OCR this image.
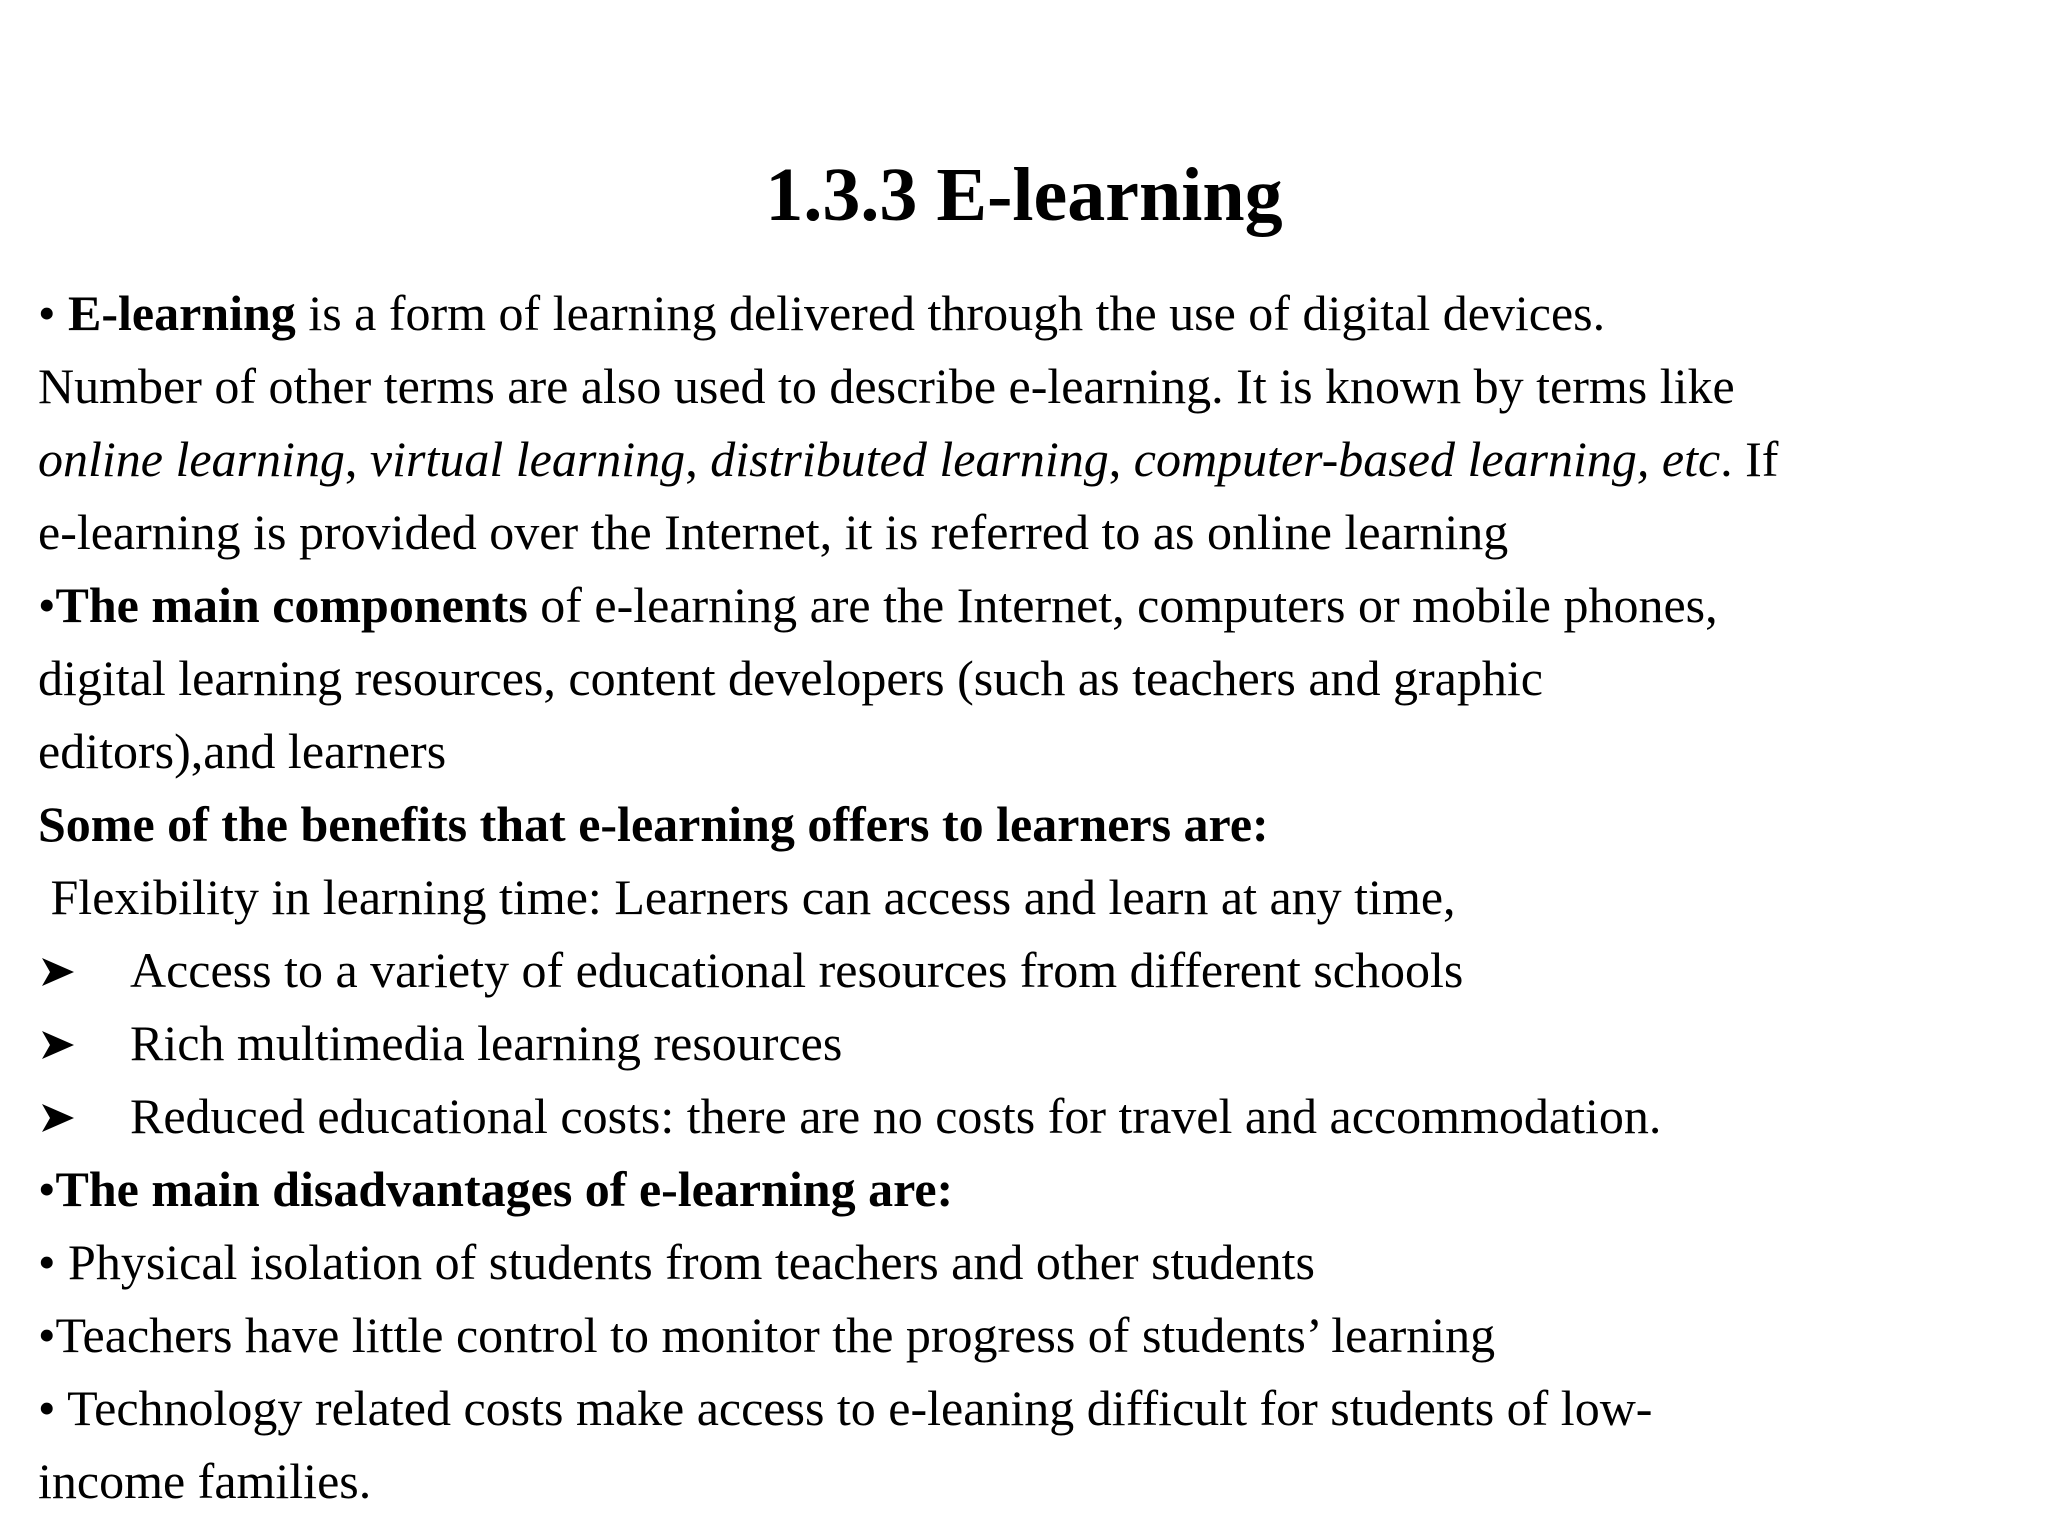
1.3.3 E-learning
• E-learning is a form of learning delivered through the use of digital devices.
Number of other terms are also used to describe e-learning. It is known by terms like
online learning, virtual learning, distributed learning, computer-based learning, etc. If
e-learning is provided over the Internet, it is referred to as online learning
•The main components of e-learning are the Internet, computers or mobile phones,
digital learning resources, content developers (such as teachers and graphic
editors),and learners
Some of the benefits that e-learning offers to learners are:
Flexibility in learning time: Learners can access and learn at any time,
Access to a variety of educational resources from different schools
Rich multimedia learning resources
Reduced educational costs: there are no costs for travel and accommodation.
•The main disadvantages of e-learning are:
• Physical isolation of students from teachers and other students
•Teachers have little control to monitor the progress of students’ learning
• Technology related costs make access to e-leaning difficult for students of low-
income families.
